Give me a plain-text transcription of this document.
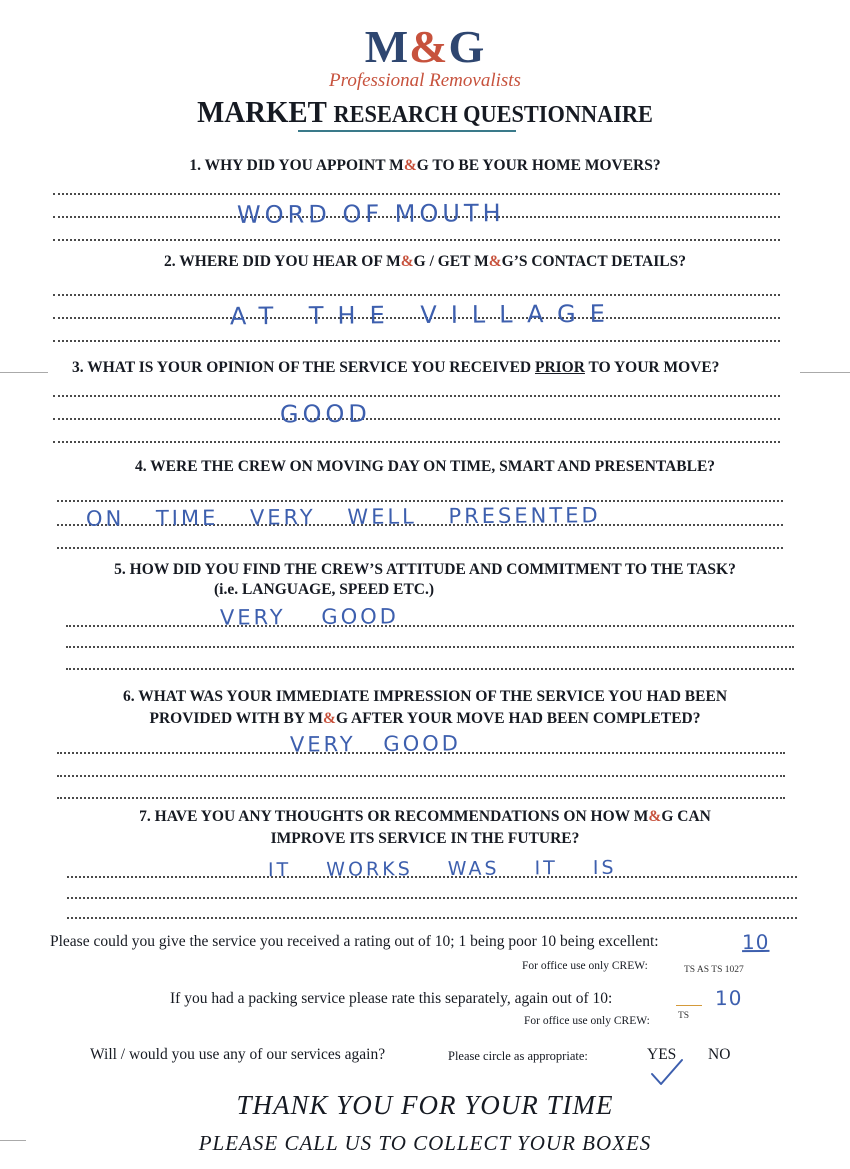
M&G
Professional Removalists
MARKET RESEARCH QUESTIONNAIRE
1. WHY DID YOU APPOINT M&G TO BE YOUR HOME MOVERS?
WORD OF MOUTH
2. WHERE DID YOU HEAR OF M&G / GET M&G’S CONTACT DETAILS?
AT THE VILLAGE
3. WHAT IS YOUR OPINION OF THE SERVICE YOU RECEIVED PRIOR TO YOUR MOVE?
GOOD
4. WERE THE CREW ON MOVING DAY ON TIME, SMART AND PRESENTABLE?
ON TIME VERY WELL PRESENTED
5. HOW DID YOU FIND THE CREW’S ATTITUDE AND COMMITMENT TO THE TASK?
(i.e. LANGUAGE, SPEED ETC.)
VERY GOOD
6. WHAT WAS YOUR IMMEDIATE IMPRESSION OF THE SERVICE YOU HAD BEEN
PROVIDED WITH BY M&G AFTER YOUR MOVE HAD BEEN COMPLETED?
VERY GOOD
7. HAVE YOU ANY THOUGHTS OR RECOMMENDATIONS ON HOW M&G CAN
IMPROVE ITS SERVICE IN THE FUTURE?
IT WORKS WAS IT IS
Please could you give the service you received a rating out of 10; 1 being poor 10 being excellent:	10
For office use only CREW:	TS AS TS 1027
If you had a packing service please rate this separately, again out of 10:	10
For office use only CREW:	TS
Will / would you use any of our services again?	Please circle as appropriate:	YES NO
THANK YOU FOR YOUR TIME
PLEASE CALL US TO COLLECT YOUR BOXES
